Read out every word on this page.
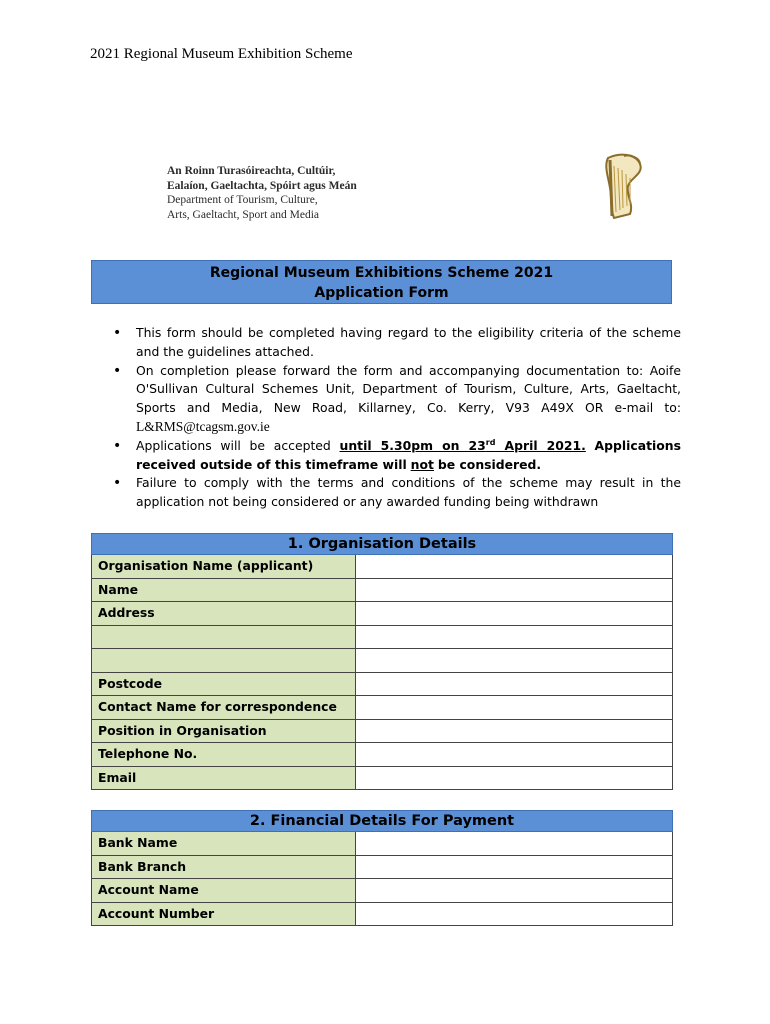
2021 Regional Museum Exhibition Scheme
An Roinn Turasóireachta, Cultúir,
Ealaíon, Gaeltachta, Spóirt agus Meán
Department of Tourism, Culture,
Arts, Gaeltacht, Sport and Media
Regional Museum Exhibitions Scheme 2021
Application Form
• This form should be completed having regard to the eligibility criteria of the scheme and the guidelines attached.
• On completion please forward the form and accompanying documentation to: Aoife O'Sullivan Cultural Schemes Unit, Department of Tourism, Culture, Arts, Gaeltacht, Sports and Media, New Road, Killarney, Co. Kerry, V93 A49X OR e-mail to: L&RMS@tcagsm.gov.ie
• Applications will be accepted until 5.30pm on 23rd April 2021. Applications received outside of this timeframe will not be considered.
• Failure to comply with the terms and conditions of the scheme may result in the application not being considered or any awarded funding being withdrawn
1. Organisation Details
Organisation Name (applicant)
Name
Address
Postcode
Contact Name for correspondence
Position in Organisation
Telephone No.
Email
2. Financial Details For Payment
Bank Name
Bank Branch
Account Name
Account Number
